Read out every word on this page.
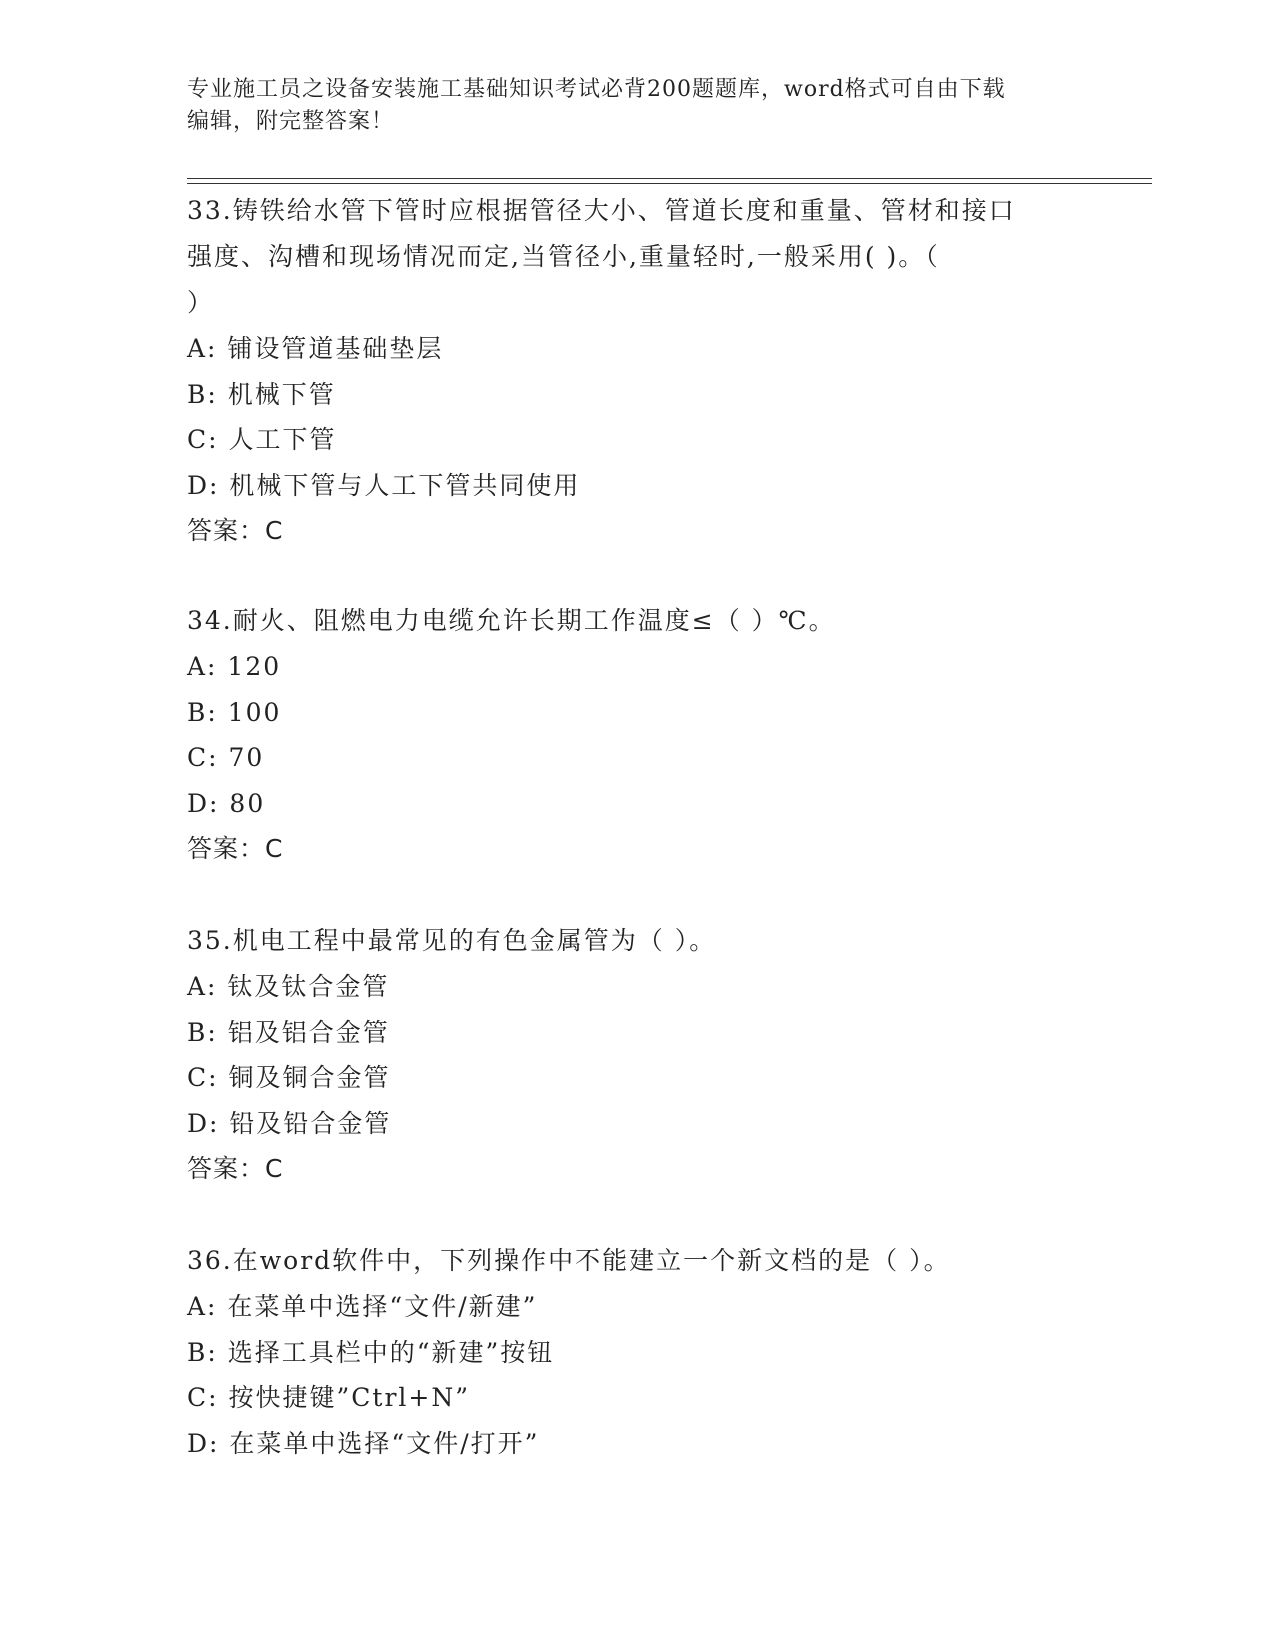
专业施工员之设备安装施工基础知识考试必背200题题库，word格式可自由下载
编辑，附完整答案！

33.铸铁给水管下管时应根据管径大小、管道长度和重量、管材和接口

强度、沟槽和现场情况而定,当管径小,重量轻时,一般采用( )。（

）

A: 铺设管道基础垫层

B: 机械下管

C: 人工下管

D: 机械下管与人工下管共同使用

答案：C

34.耐火、阻燃电力电缆允许长期工作温度≤（ ）℃。

A: 120

B: 100

C: 70

D: 80

答案：C

35.机电工程中最常见的有色金属管为（ ）。

A: 钛及钛合金管

B: 铝及铝合金管

C: 铜及铜合金管

D: 铅及铅合金管

答案：C

36.在word软件中，下列操作中不能建立一个新文档的是（ ）。

A: 在菜单中选择“文件/新建”

B: 选择工具栏中的“新建”按钮

C: 按快捷键”Ctrl+N”

D: 在菜单中选择“文件/打开”
